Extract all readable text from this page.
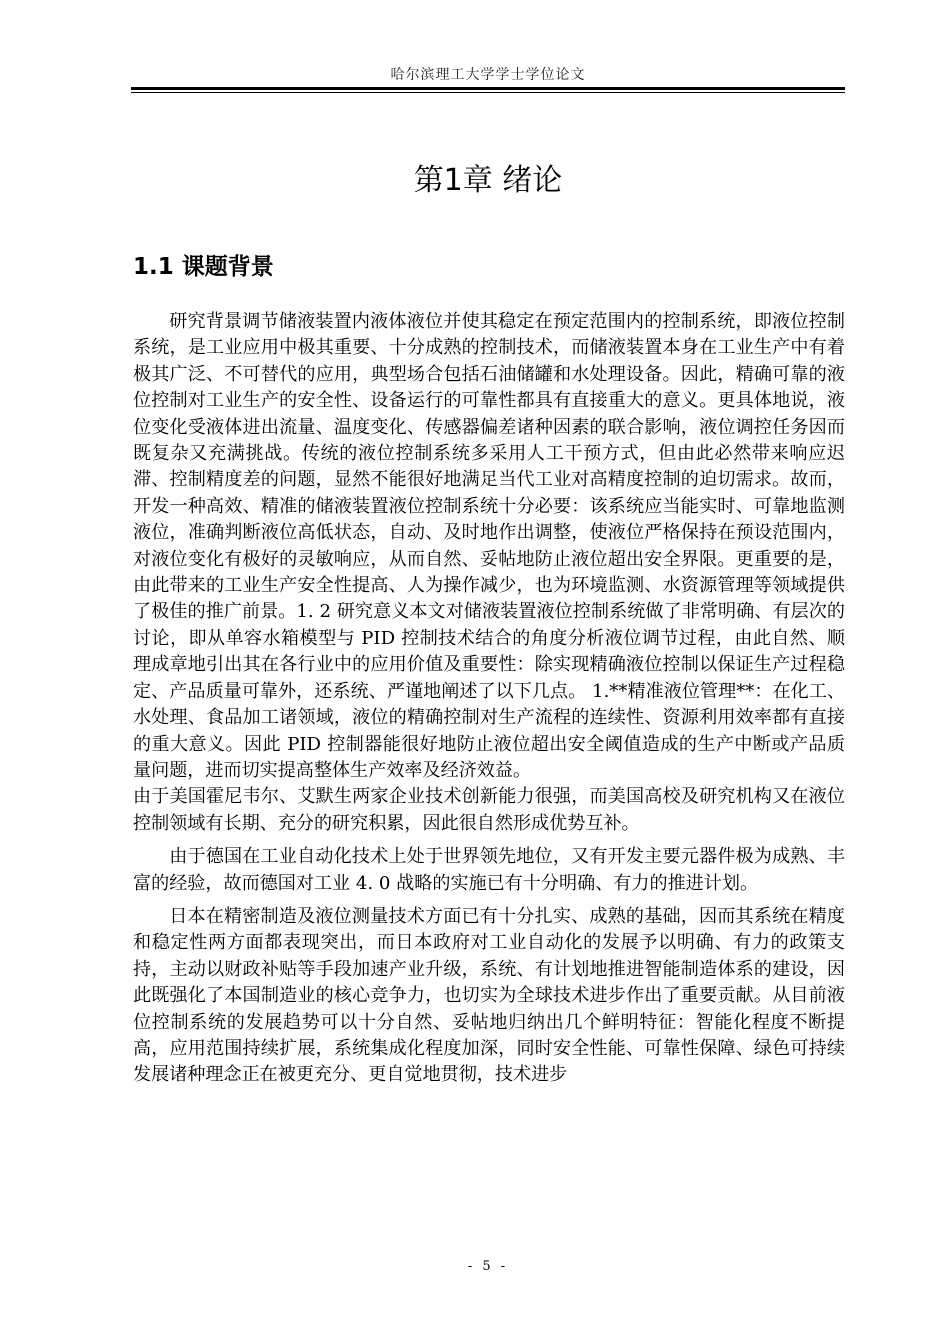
哈尔滨理工大学学士学位论文
第1章 绪论
1.1 课题背景

研究背景调节储液装置内液体液位并使其稳定在预定范围内的控制系统，即液位控制系统，是工业应用中极其重要、十分成熟的控制技术，而储液装置本身在工业生产中有着极其广泛、不可替代的应用，典型场合包括石油储罐和水处理设备。因此，精确可靠的液位控制对工业生产的安全性、设备运行的可靠性都具有直接重大的意义。更具体地说，液位变化受液体进出流量、温度变化、传感器偏差诸种因素的联合影响，液位调控任务因而既复杂又充满挑战。传统的液位控制系统多采用人工干预方式，但由此必然带来响应迟滞、控制精度差的问题，显然不能很好地满足当代工业对高精度控制的迫切需求。故而，开发一种高效、精准的储液装置液位控制系统十分必要：该系统应当能实时、可靠地监测液位，准确判断液位高低状态，自动、及时地作出调整，使液位严格保持在预设范围内，对液位变化有极好的灵敏响应，从而自然、妥帖地防止液位超出安全界限。更重要的是，由此带来的工业生产安全性提高、人为操作减少，也为环境监测、水资源管理等领域提供了极佳的推广前景。1. 2 研究意义本文对储液装置液位控制系统做了非常明确、有层次的讨论，即从单容水箱模型与 PID 控制技术结合的角度分析液位调节过程，由此自然、顺理成章地引出其在各行业中的应用价值及重要性：除实现精确液位控制以保证生产过程稳定、产品质量可靠外，还系统、严谨地阐述了以下几点。 1.**精准液位管理**：在化工、水处理、食品加工诸领域，液位的精确控制对生产流程的连续性、资源利用效率都有直接的重大意义。因此 PID 控制器能很好地防止液位超出安全阈值造成的生产中断或产品质量问题，进而切实提高整体生产效率及经济效益。

由于美国霍尼韦尔、艾默生两家企业技术创新能力很强，而美国高校及研究机构又在液位控制领域有长期、充分的研究积累，因此很自然形成优势互补。

由于德国在工业自动化技术上处于世界领先地位，又有开发主要元器件极为成熟、丰富的经验，故而德国对工业 4. 0 战略的实施已有十分明确、有力的推进计划。

日本在精密制造及液位测量技术方面已有十分扎实、成熟的基础，因而其系统在精度和稳定性两方面都表现突出，而日本政府对工业自动化的发展予以明确、有力的政策支持，主动以财政补贴等手段加速产业升级，系统、有计划地推进智能制造体系的建设，因此既强化了本国制造业的核心竞争力，也切实为全球技术进步作出了重要贡献。从目前液位控制系统的发展趋势可以十分自然、妥帖地归纳出几个鲜明特征：智能化程度不断提高，应用范围持续扩展，系统集成化程度加深，同时安全性能、可靠性保障、绿色可持续发展诸种理念正在被更充分、更自觉地贯彻，技术进步

- 5 -
